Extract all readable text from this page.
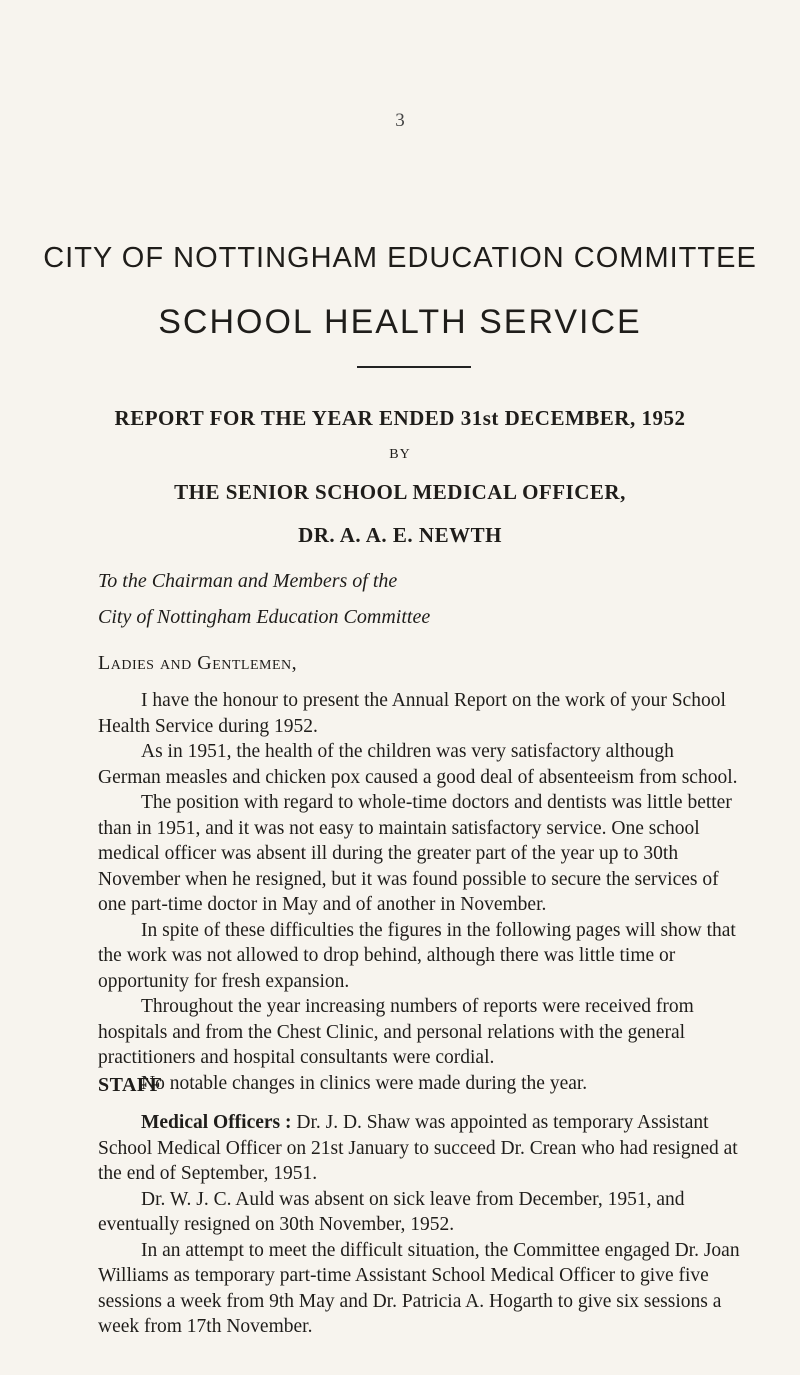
3
CITY OF NOTTINGHAM EDUCATION COMMITTEE
SCHOOL HEALTH SERVICE
REPORT FOR THE YEAR ENDED 31st DECEMBER, 1952
BY
THE SENIOR SCHOOL MEDICAL OFFICER,
DR. A. A. E. NEWTH
To the Chairman and Members of the
City of Nottingham Education Committee
Ladies and Gentlemen,

I have the honour to present the Annual Report on the work of your School Health Service during 1952.

As in 1951, the health of the children was very satisfactory although German measles and chicken pox caused a good deal of absenteeism from school.

The position with regard to whole-time doctors and dentists was little better than in 1951, and it was not easy to maintain satisfactory service. One school medical officer was absent ill during the greater part of the year up to 30th November when he resigned, but it was found possible to secure the services of one part-time doctor in May and of another in November.

In spite of these difficulties the figures in the following pages will show that the work was not allowed to drop behind, although there was little time or opportunity for fresh expansion.

Throughout the year increasing numbers of reports were received from hospitals and from the Chest Clinic, and personal relations with the general practitioners and hospital consultants were cordial.

No notable changes in clinics were made during the year.

STAFF

Medical Officers : Dr. J. D. Shaw was appointed as temporary Assistant School Medical Officer on 21st January to succeed Dr. Crean who had resigned at the end of September, 1951.

Dr. W. J. C. Auld was absent on sick leave from December, 1951, and eventually resigned on 30th November, 1952.

In an attempt to meet the difficult situation, the Committee engaged Dr. Joan Williams as temporary part-time Assistant School Medical Officer to give five sessions a week from 9th May and Dr. Patricia A. Hogarth to give six sessions a week from 17th November.
